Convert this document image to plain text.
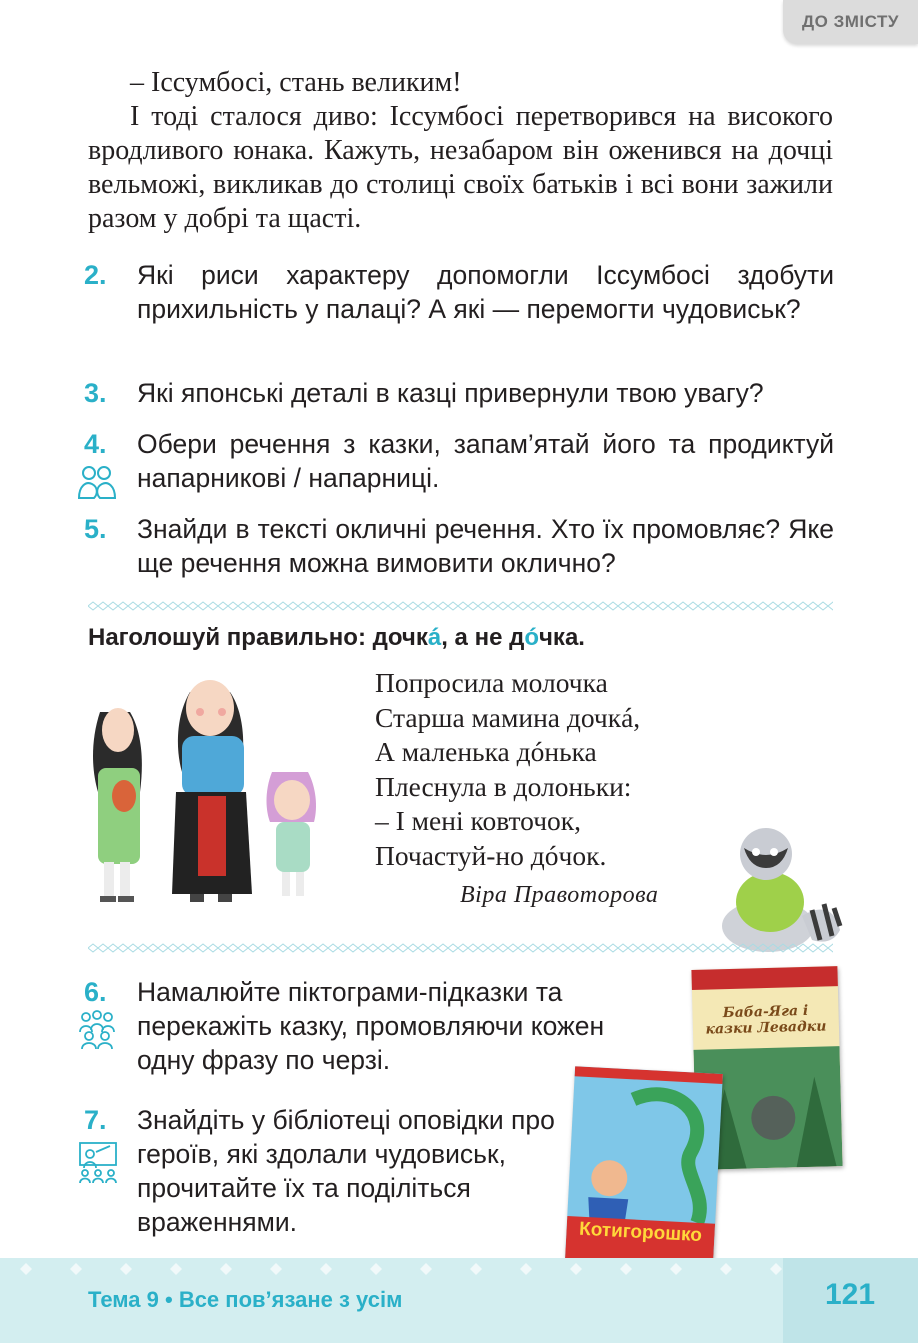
ДО ЗМІСТУ

– Іссумбосі, стань великим!

І тоді сталося диво: Іссумбосі перетворився на високого вродливого юнака. Кажуть, незабаром він оженився на дочці вельможі, викликав до столиці своїх батьків і всі вони зажили разом у добрі та щасті.

2. Які риси характеру допомогли Іссумбосі здобути прихильність у палаці? А які — перемогти чудовиськ?
3. Які японські деталі в казці привернули твою увагу?
4. Обери речення з казки, запам’ятай його та продиктуй напарникові / напарниці.
5. Знайди в тексті окличні речення. Хто їх промовляє? Яке ще речення можна вимовити окличнo?
Наголошуй правильно: дочкá, а не дóчка.
Попросила молочка
Старша мамина дочкá,
А маленька дóнька
Плеснула в долоньки:
– І мені ковточок,
Почастуй-но дóчок.
Віра Правоторова
6. Намалюйте піктограми-підказки та перекажіть казку, промовляючи кожен одну фразу по черзі.
7. Знайдіть у бібліотеці оповідки про героїв, які здолали чудовиськ, прочитайте їх та поділіться враженнями.
Баба-Яга і казки Левадки
Котигорошко
Тема 9 • Все пов’язане з усім	121
